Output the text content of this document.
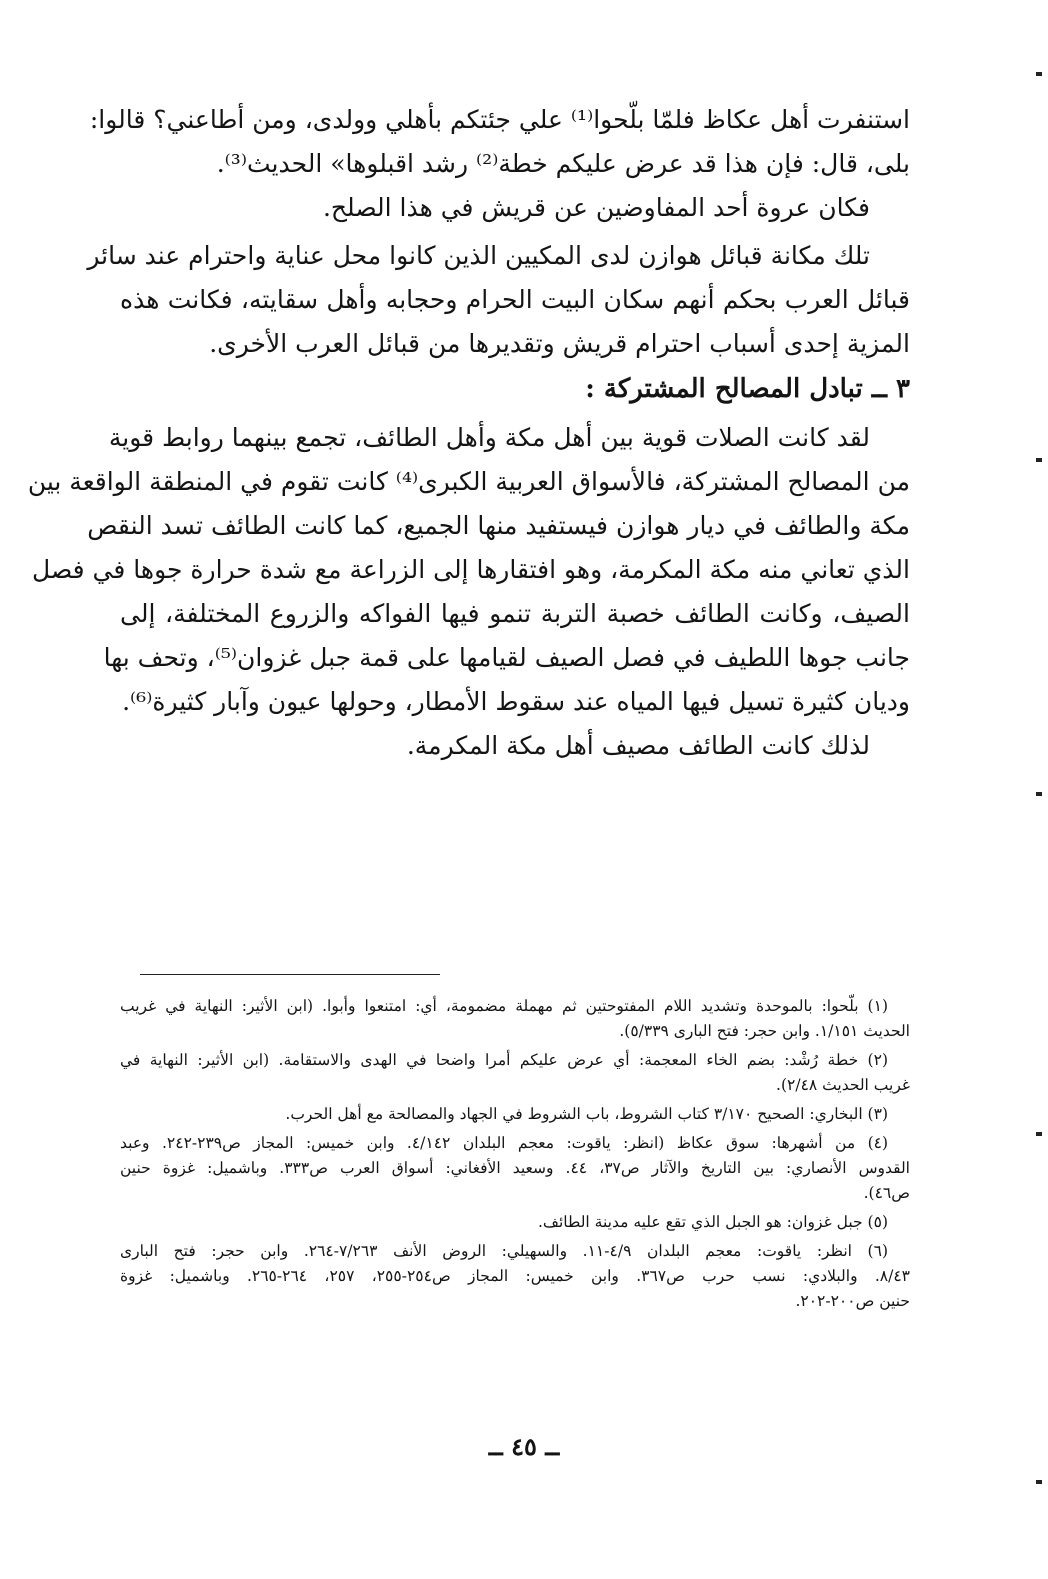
استنفرت أهل عكاظ فلمّا بلّحوا⁽¹⁾ علي جئتكم بأهلي وولدى، ومن أطاعني؟ قالوا:
بلى، قال: فإن هذا قد عرض عليكم خطة⁽²⁾ رشد اقبلوها» الحديث⁽³⁾.
فكان عروة أحد المفاوضين عن قريش في هذا الصلح.
تلك مكانة قبائل هوازن لدى المكيين الذين كانوا محل عناية واحترام عند سائر
قبائل العرب بحكم أنهم سكان البيت الحرام وحجابه وأهل سقايته، فكانت هذه
المزية إحدى أسباب احترام قريش وتقديرها من قبائل العرب الأخرى.
٣ ــ تبادل المصالح المشتركة :
لقد كانت الصلات قوية بين أهل مكة وأهل الطائف، تجمع بينهما روابط قوية
من المصالح المشتركة، فالأسواق العربية الكبرى⁽⁴⁾ كانت تقوم في المنطقة الواقعة بين
مكة والطائف في ديار هوازن فيستفيد منها الجميع، كما كانت الطائف تسد النقص
الذي تعاني منه مكة المكرمة، وهو افتقارها إلى الزراعة مع شدة حرارة جوها في فصل
الصيف، وكانت الطائف خصبة التربة تنمو فيها الفواكه والزروع المختلفة، إلى
جانب جوها اللطيف في فصل الصيف لقيامها على قمة جبل غزوان⁽⁵⁾، وتحف بها
وديان كثيرة تسيل فيها المياه عند سقوط الأمطار، وحولها عيون وآبار كثيرة⁽⁶⁾.
لذلك كانت الطائف مصيف أهل مكة المكرمة.
(١) بلّحوا: بالموحدة وتشديد اللام المفتوحتين ثم مهملة مضمومة، أي: امتنعوا وأبوا. (ابن الأثير: النهاية في غريب
الحديث ١/١٥١. وابن حجر: فتح البارى ٥/٣٣٩).
(٢) خطة رُشْد: بضم الخاء المعجمة: أي عرض عليكم أمرا واضحا في الهدى والاستقامة. (ابن الأثير: النهاية في
غريب الحديث ٢/٤٨).
(٣) البخاري: الصحيح ٣/١٧٠ كتاب الشروط، باب الشروط في الجهاد والمصالحة مع أهل الحرب.
(٤) من أشهرها: سوق عكاظ (انظر: ياقوت: معجم البلدان ٤/١٤٢. وابن خميس: المجاز ص٢٣٩-٢٤٢. وعبد
القدوس الأنصاري: بين التاريخ والآثار ص٣٧، ٤٤. وسعيد الأفغاني: أسواق العرب ص٣٣٣. وباشميل: غزوة حنين
ص٤٦).
(٥) جبل غزوان: هو الجبل الذي تقع عليه مدينة الطائف.
(٦) انظر: ياقوت: معجم البلدان ٤/٩-١١. والسهيلي: الروض الأنف ٧/٢٦٣-٢٦٤. وابن حجر: فتح البارى
٨/٤٣. والبلادي: نسب حرب ص٣٦٧. وابن خميس: المجاز ص٢٥٤-٢٥٥، ٢٥٧، ٢٦٤-٢٦٥. وباشميل: غزوة
حنين ص٢٠٠-٢٠٢.
ــ ٤٥ ــ
